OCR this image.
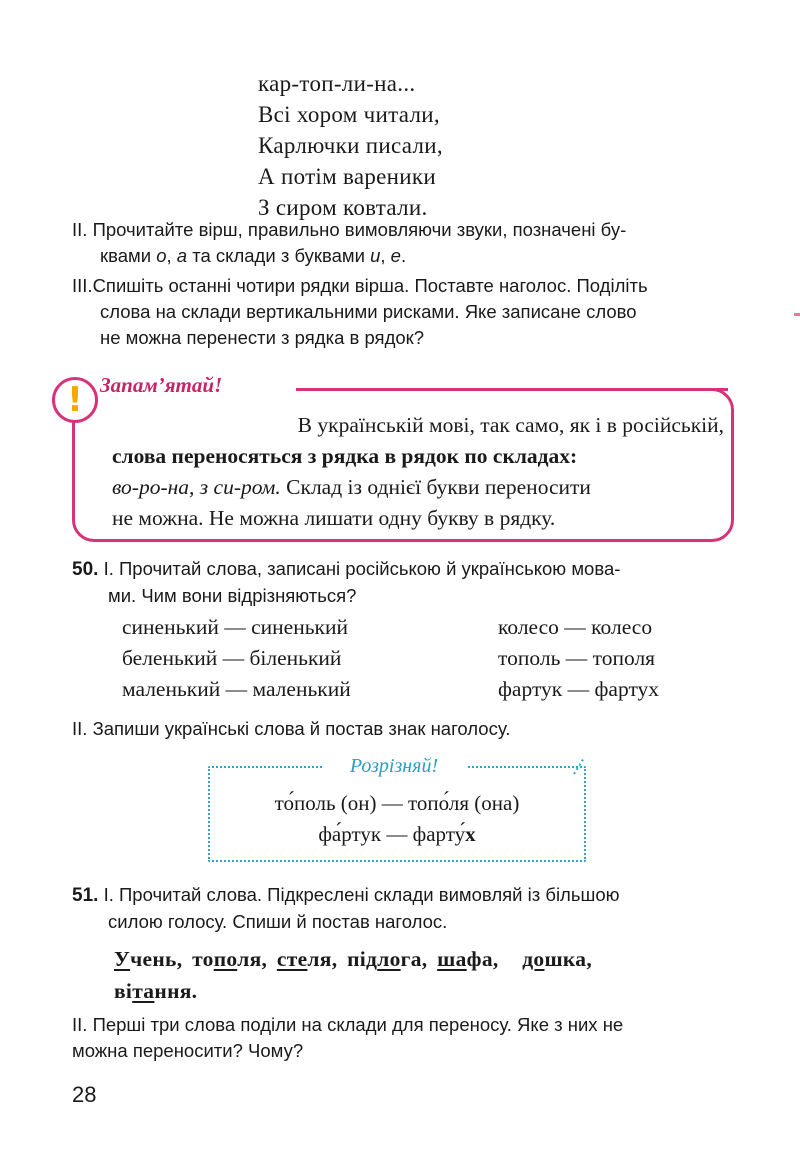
кар-топ-ли-на...
Всі хором читали,
Карлючки писали,
А потім вареники
З сиром ковтали.
II. Прочитайте вірш, правильно вимовляючи звуки, позначені бу-
квами о, а та склади з буквами и, е.
III.Спишіть останні чотири рядки вірша. Поставте наголос. Поділіть
слова на склади вертикальними рисками. Яке записане слово
не можна перенести з рядка в рядок?
! Запам’ятай!

В українській мові, так само, як і в російській,

слова переносяться з рядка в рядок по складах:

во-ро-на, з си-ром. Склад із однієї букви переносити

не можна. Не можна лишати одну букву в рядку.

50. I. Прочитай слова, записані російською й українською мова-
ми. Чим вони відрізняються?
синенький — синенький
беленький — біленький
маленький — маленький
колесо — колесо
тополь — тополя
фартук — фартух
II. Запиши українські слова й постав знак наголосу.
Розрізняй!
то́поль (он) — топо́ля (она)
фа́ртук — фарту́х
51. I. Прочитай слова. Підкреслені склади вимовляй із більшою
силою голосу. Спиши й постав наголос.
Учень, тополя, стеля, підлога, шафа, дошка,
вітання.
II. Перші три слова поділи на склади для переносу. Яке з них не
можна переносити? Чому?
28
